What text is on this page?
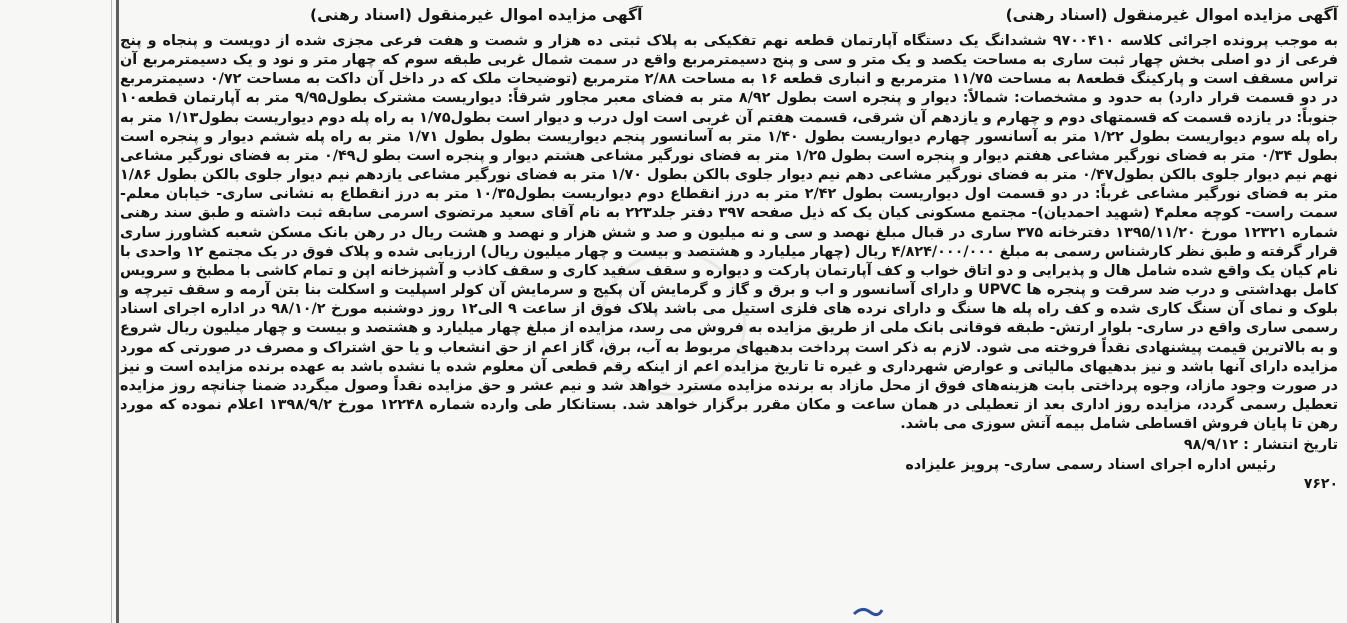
آگهی مزایده اموال غیرمنقول (اسناد رهنی)
آگهی مزایده اموال غیرمنقول (اسناد رهنی)
به موجب پرونده اجرائی کلاسه ۹۷۰۰۴۱۰ ششدانگ یک دستگاه آپارتمان قطعه نهم تفکیکی به پلاک ثبتی ده هزار و شصت و هفت فرعی مجزی شده از دویست و پنجاه و پنج فرعی از دو اصلی بخش چهار ثبت ساری به مساحت یکصد و یک متر و سی و پنج دسیمترمربع واقع در سمت شمال غربی طبقه سوم که چهار متر و نود و یک دسیمترمربع آن تراس مسقف است و پارکینگ قطعه۸ به مساحت ۱۱/۷۵ مترمربع و انباری قطعه ۱۶ به مساحت ۲/۸۸ مترمربع (توضیحات ملک که در داخل آن داکت به مساحت ۰/۷۲ دسیمترمربع در دو قسمت قرار دارد) به حدود و مشخصات: شمالاً: دیوار و پنجره است بطول ۸/۹۲ متر به فضای معبر مجاور شرقاً: دیواریست مشترک بطول۹/۹۵ متر به آپارتمان قطعه۱۰ جنوباً: در یازده قسمت که قسمتهای دوم و چهارم و یازدهم آن شرقی، قسمت هفتم آن غربی است اول درب و دیوار است بطول۱/۷۵ به راه پله دوم دیواریست بطول۱/۱۳ متر به راه پله سوم دیواریست بطول ۱/۲۲ متر به آسانسور چهارم دیواریست بطول ۱/۴۰ متر به آسانسور پنجم دیواریست بطول بطول ۱/۷۱ متر به راه پله ششم دیوار و پنجره است بطول ۰/۳۴ متر به فضای نورگیر مشاعی هفتم دیوار و پنجره است بطول ۱/۲۵ متر به فضای نورگیر مشاعی هشتم دیوار و پنجره است بطو ل۰/۴۹ متر به فضای نورگیر مشاعی نهم نیم دیوار جلوی بالکن بطول۰/۴۷ متر به فضای نورگیر مشاعی دهم نیم دیوار جلوی بالکن بطول ۱/۷۰ متر به فضای نورگیر مشاعی یازدهم نیم دیوار جلوی بالکن بطول ۱/۸۶ متر به فضای نورگیر مشاعی غرباً: در دو قسمت اول دیواریست بطول ۲/۴۲ متر به درز انقطاع دوم دیواریست بطول۱۰/۳۵ متر به درز انقطاع به نشانی ساری- خیابان معلم- سمت راست- کوچه معلم۴ (شهید احمدیان)- مجتمع مسکونی کیان یک که ذیل صفحه ۳۹۷ دفتر جلد۲۲۳ به نام آقای سعید مرتضوی اسرمی سابقه ثبت داشته و طبق سند رهنی شماره ۱۲۳۲۱ مورخ ۱۳۹۵/۱۱/۲۰ دفترخانه ۳۷۵ ساری در قبال مبلغ نهصد و سی و نه میلیون و صد و شش هزار و نهصد و هشت ریال در رهن بانک مسکن شعبه کشاورز ساری قرار گرفته و طبق نظر کارشناس رسمی به مبلغ ۴/۸۲۴/۰۰۰/۰۰۰ ریال (چهار میلیارد و هشتصد و بیست و چهار میلیون ریال) ارزیابی شده و پلاک فوق در یک مجتمع ۱۲ واحدی با نام کیان یک واقع شده شامل هال و پذیرایی و دو اتاق خواب و کف آپارتمان پارکت و دیواره و سقف سفید کاری و سقف کاذب و آشپزخانه اپن و تمام کاشی با مطبخ و سرویس کامل بهداشتی و درب ضد سرقت و پنجره ها UPVC و دارای آسانسور و اب و برق و گاز و گرمایش آن پکیج و سرمایش آن کولر اسپلیت و اسکلت بنا بتن آرمه و سقف تیرچه و بلوک و نمای آن سنگ کاری شده و کف راه پله ها سنگ و دارای نرده های فلزی استیل می باشد پلاک فوق از ساعت ۹ الی۱۲ روز دوشنبه مورخ ۹۸/۱۰/۲ در اداره اجرای اسناد رسمی ساری واقع در ساری- بلوار ارتش- طبقه فوقانی بانک ملی از طریق مزایده به فروش می رسد، مزایده از مبلغ چهار میلیارد و هشتصد و بیست و چهار میلیون ریال شروع و به بالاترین قیمت پیشنهادی نقداً فروخته می شود. لازم به ذکر است پرداخت بدهیهای مربوط به آب، برق، گاز اعم از حق انشعاب و یا حق اشتراک و مصرف در صورتی که مورد مزایده دارای آنها باشد و نیز بدهیهای مالیاتی و عوارض شهرداری و غیره تا تاریخ مزایده اعم از اینکه رقم قطعی آن معلوم شده یا نشده باشد به عهده برنده مزایده است و نیز در صورت وجود مازاد، وجوه پرداختی بابت هزینه‌های فوق از محل مازاد به برنده مزایده مسترد خواهد شد و نیم عشر و حق مزایده نقداً وصول میگردد ضمنا چنانچه روز مزایده تعطیل رسمی گردد، مزایده روز اداری بعد از تعطیلی در همان ساعت و مکان مقرر برگزار خواهد شد. بستانکار طی وارده شماره ۱۲۲۴۸ مورخ ۱۳۹۸/۹/۲ اعلام نموده که مورد رهن تا پایان فروش اقساطی شامل بیمه آتش سوزی می باشد.
تاریخ انتشار : ۹۸/۹/۱۲
رئیس اداره اجرای اسناد رسمی ساری- پرویز علیزاده
۷۶۲۰
